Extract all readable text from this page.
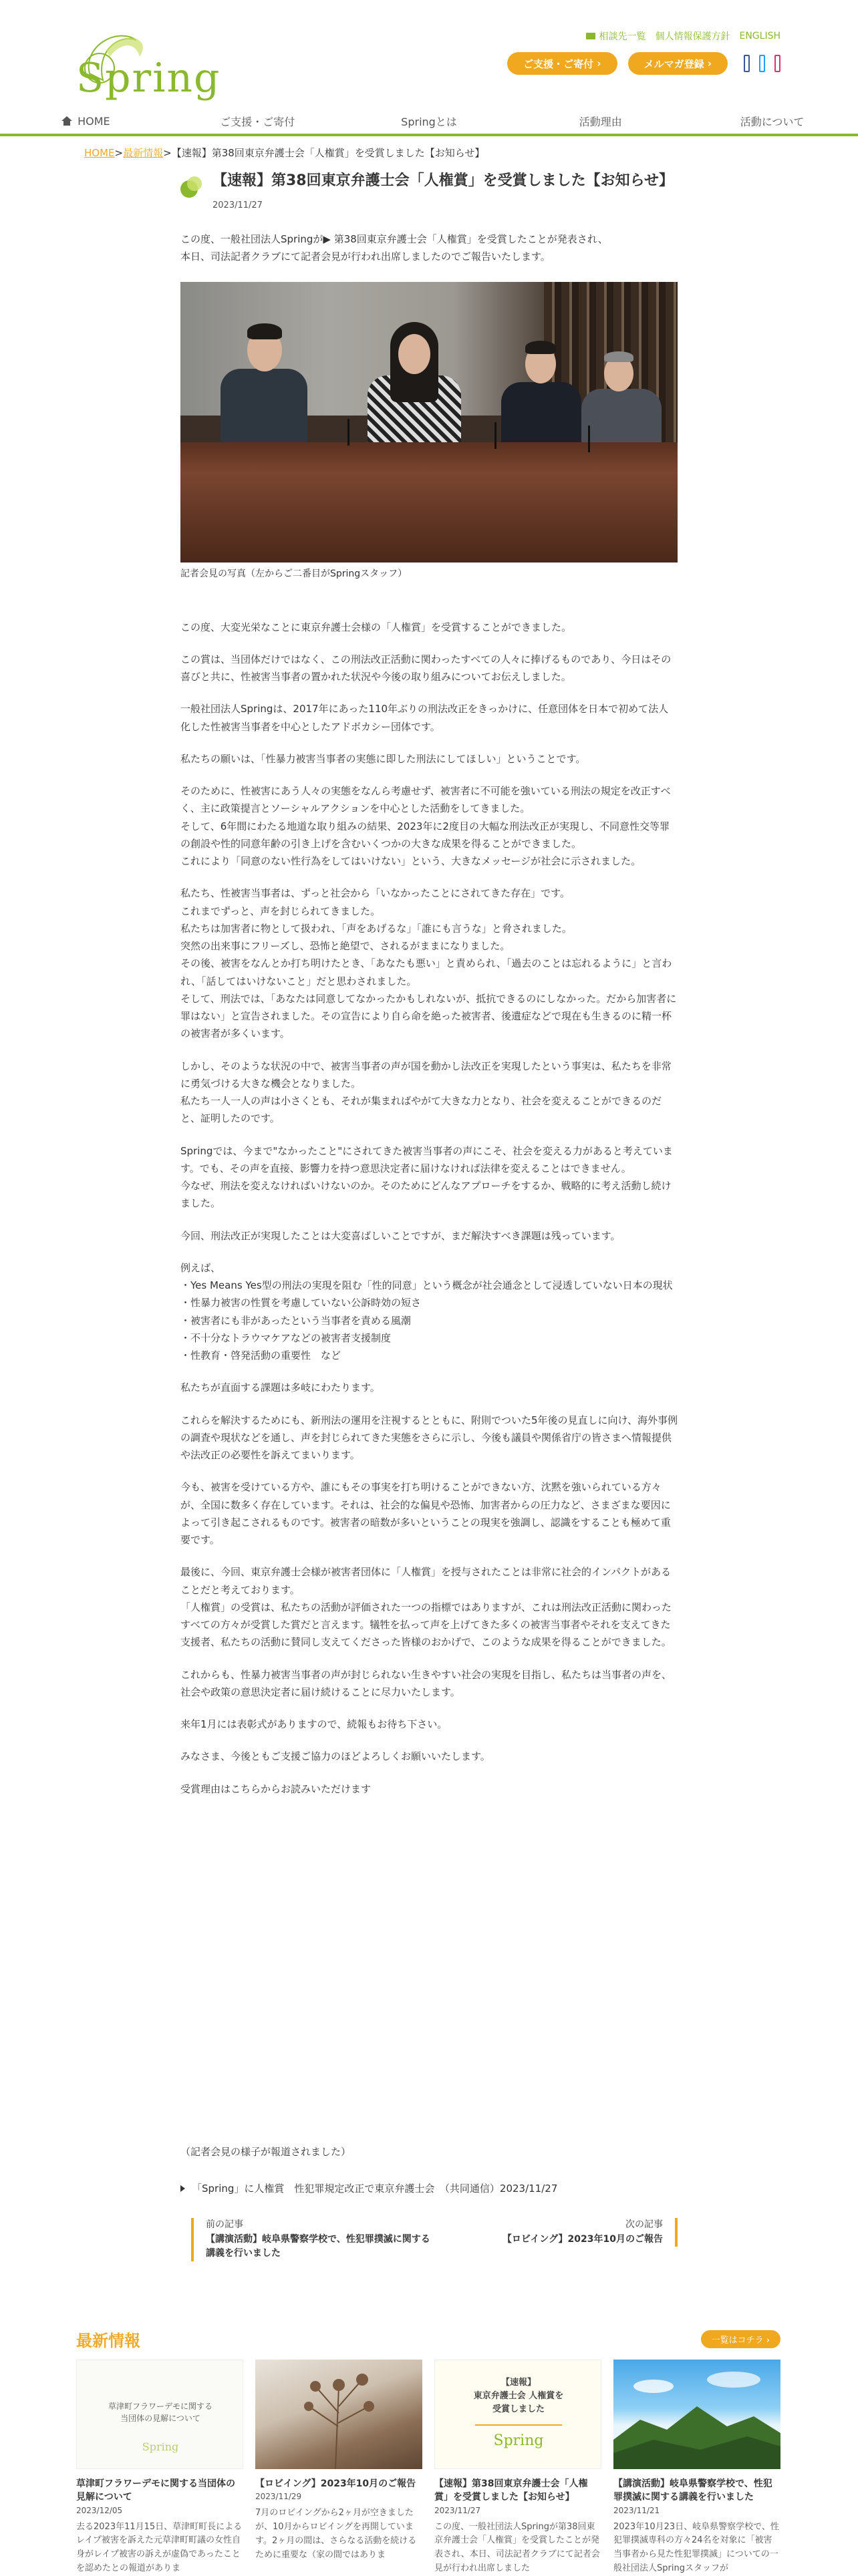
Spring
相談先一覧 個人情報保護方針 ENGLISH
ご支援・ご寄付 ›	メルマガ登録 ›
HOME	ご支援・ご寄付	Springとは	活動理由	活動について
HOME>最新情報>【速報】第38回東京弁護士会「人権賞」を受賞しました【お知らせ】
【速報】第38回東京弁護士会「人権賞」を受賞しました【お知らせ】
2023/11/27

この度、一般社団法人Springが▶ 第38回東京弁護士会「人権賞」を受賞したことが発表され、
本日、司法記者クラブにて記者会見が行われ出席しましたのでご報告いたします。

記者会見の写真（左からご二番目がSpringスタッフ）

この度、大変光栄なことに東京弁護士会様の「人権賞」を受賞することができました。

この賞は、当団体だけではなく、この刑法改正活動に関わったすべての人々に捧げるものであり、今日はその喜びと共に、性被害当事者の置かれた状況や今後の取り組みについてお伝えしました。

一般社団法人Springは、2017年にあった110年ぶりの刑法改正をきっかけに、任意団体を日本で初めて法人化した性被害当事者を中心としたアドボカシー団体です。

私たちの願いは、「性暴力被害当事者の実態に即した刑法にしてほしい」ということです。

そのために、性被害にあう人々の実態をなんら考慮せず、被害者に不可能を強いている刑法の規定を改正すべく、主に政策提言とソーシャルアクションを中心とした活動をしてきました。
そして、6年間にわたる地道な取り組みの結果、2023年に2度目の大幅な刑法改正が実現し、不同意性交等罪の創設や性的同意年齢の引き上げを含むいくつかの大きな成果を得ることができました。
これにより「同意のない性行為をしてはいけない」という、大きなメッセージが社会に示されました。

私たち、性被害当事者は、ずっと社会から「いなかったことにされてきた存在」です。
これまでずっと、声を封じられてきました。
私たちは加害者に物として扱われ、「声をあげるな」「誰にも言うな」と脅されました。
突然の出来事にフリーズし、恐怖と絶望で、されるがままになりました。
その後、被害をなんとか打ち明けたとき、「あなたも悪い」と責められ、「過去のことは忘れるように」と言われ、「話してはいけないこと」だと思わされました。
そして、刑法では、「あなたは同意してなかったかもしれないが、抵抗できるのにしなかった。だから加害者に罪はない」と宣告されました。その宣告により自ら命を絶った被害者、後遺症などで現在も生きるのに精一杯の被害者が多くいます。

しかし、そのような状況の中で、被害当事者の声が国を動かし法改正を実現したという事実は、私たちを非常に勇気づける大きな機会となりました。
私たち一人一人の声は小さくとも、それが集まればやがて大きな力となり、社会を変えることができるのだと、証明したのです。

Springでは、今まで"なかったこと"にされてきた被害当事者の声にこそ、社会を変える力があると考えています。でも、その声を直接、影響力を持つ意思決定者に届けなければ法律を変えることはできません。
今なぜ、刑法を変えなければいけないのか。そのためにどんなアプローチをするか、戦略的に考え活動し続けました。

今回、刑法改正が実現したことは大変喜ばしいことですが、まだ解決すべき課題は残っています。

例えば、
・Yes Means Yes型の刑法の実現を阻む「性的同意」という概念が社会通念として浸透していない日本の現状
・性暴力被害の性質を考慮していない公訴時効の短さ
・被害者にも非があったという当事者を責める風潮
・不十分なトラウマケアなどの被害者支援制度
・性教育・啓発活動の重要性　など

私たちが直面する課題は多岐にわたります。

これらを解決するためにも、新刑法の運用を注視するとともに、附則でついた5年後の見直しに向け、海外事例の調査や現状などを通し、声を封じられてきた実態をさらに示し、今後も議員や関係省庁の皆さまへ情報提供や法改正の必要性を訴えてまいります。

今も、被害を受けている方や、誰にもその事実を打ち明けることができない方、沈黙を強いられている方々が、全国に数多く存在しています。それは、社会的な偏見や恐怖、加害者からの圧力など、さまざまな要因によって引き起こされるものです。被害者の暗数が多いということの現実を強調し、認識をすることも極めて重要です。

最後に、今回、東京弁護士会様が被害者団体に「人権賞」を授与されたことは非常に社会的インパクトがあることだと考えております。
「人権賞」の受賞は、私たちの活動が評価された一つの指標ではありますが、これは刑法改正活動に関わったすべての方々が受賞した賞だと言えます。犠牲を払って声を上げてきた多くの被害当事者やそれを支えてきた支援者、私たちの活動に賛同し支えてくださった皆様のおかげで、このような成果を得ることができました。

これからも、性暴力被害当事者の声が封じられない生きやすい社会の実現を目指し、私たちは当事者の声を、社会や政策の意思決定者に届け続けることに尽力いたします。

来年1月には表彰式がありますので、続報もお待ち下さい。

みなさま、今後ともご支援ご協力のほどよろしくお願いいたします。

受賞理由はこちらからお読みいただけます

（記者会見の様子が報道されました）
「Spring」に人権賞　性犯罪規定改正で東京弁護士会　（共同通信）2023/11/27
前の記事
【講演活動】岐阜県警察学校で、性犯罪撲滅に関する講義を行いました
次の記事
【ロビイング】2023年10月のご報告
最新情報	一覧はコチラ ›
草津町フラワーデモに関する
当団体の見解について
Spring
草津町フラワーデモに関する当団体の見解について
2023/12/05
去る2023年11月15日、草津町町長によるレイプ被害を訴えた元草津町町議の女性自身がレイプ被害の訴えが虚偽であったことを認めたとの報道がありま
【ロビイング】2023年10月のご報告
2023/11/29
7月のロビイングから2ヶ月が空きましたが、10月からロビイングを再開しています。2ヶ月の間は、さらなる活動を続けるために重要な（家の間ではありま
【速報】
東京弁護士会 人権賞を
受賞しました
Spring
【速報】第38回東京弁護士会「人権賞」を受賞しました【お知らせ】
2023/11/27
この度、一般社団法人Springが第38回東京弁護士会「人権賞」を受賞したことが発表され、本日、司法記者クラブにて記者会見が行われ出席しました
【講演活動】岐阜県警察学校で、性犯罪撲滅に関する講義を行いました
2023/11/21
2023年10月23日、岐阜県警察学校で、性犯罪撲滅専科の方々24名を対象に「被害当事者から見た性犯罪撲滅」についての一般社団法人Springスタッフが
